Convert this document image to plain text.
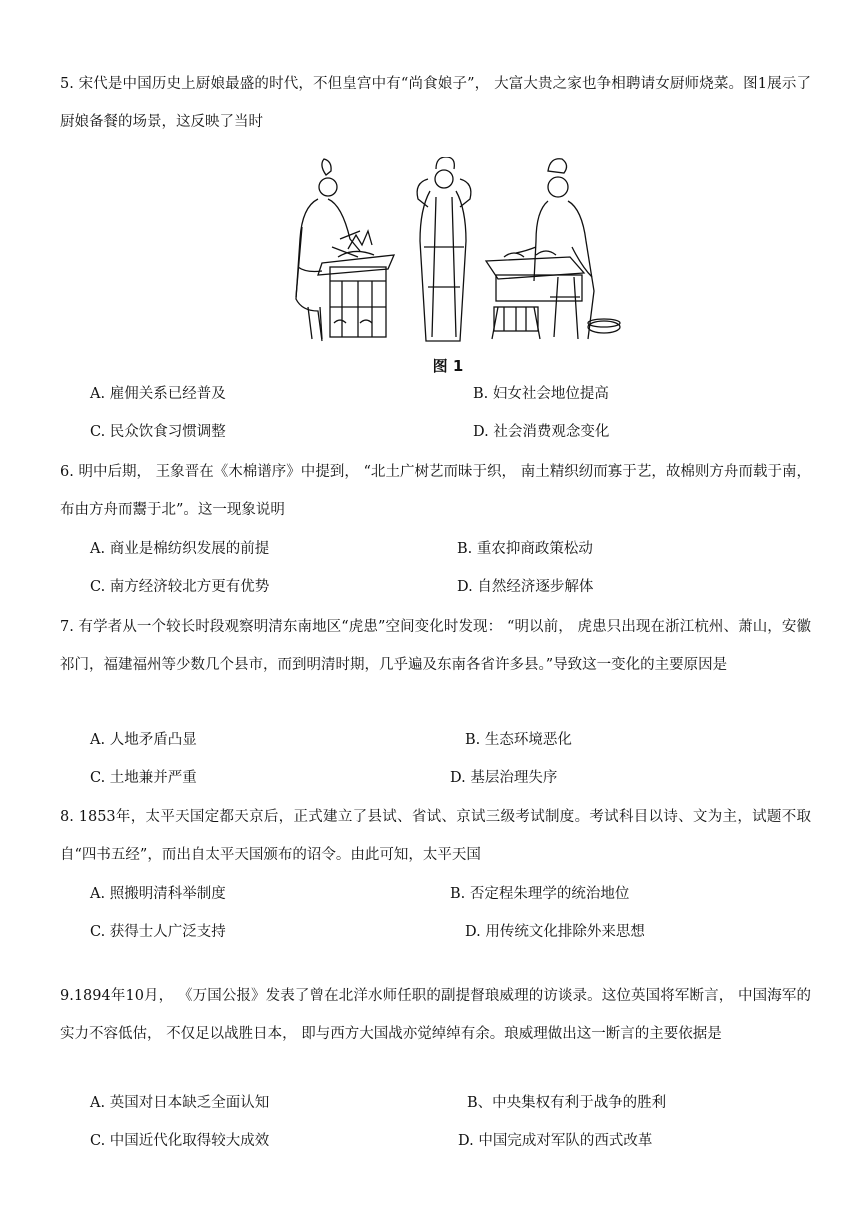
5. 宋代是中国历史上厨娘最盛的时代，不但皇宫中有“尚食娘子”， 大富大贵之家也争相聘请女厨师烧菜。图1展示了厨娘备餐的场景，这反映了当时
图 1
A. 雇佣关系已经普及	B. 妇女社会地位提高
C. 民众饮食习惯调整	D. 社会消费观念变化
6. 明中后期， 王象晋在《木棉谱序》中提到， “北土广树艺而昧于织， 南土精织纫而寡于艺，故棉则方舟而载于南，布由方舟而鬻于北”。这一现象说明
A. 商业是棉纺织发展的前提	B. 重农抑商政策松动
C. 南方经济较北方更有优势	D. 自然经济逐步解体
7. 有学者从一个较长时段观察明清东南地区“虎患”空间变化时发现： “明以前， 虎患只出现在浙江杭州、萧山，安徽祁门，福建福州等少数几个县市，而到明清时期，几乎遍及东南各省许多县。”导致这一变化的主要原因是
A. 人地矛盾凸显	B. 生态环境恶化
C. 土地兼并严重	D. 基层治理失序
8. 1853年，太平天国定都天京后，正式建立了县试、省试、京试三级考试制度。考试科目以诗、文为主，试题不取自“四书五经”，而出自太平天国颁布的诏令。由此可知，太平天国
A. 照搬明清科举制度	B. 否定程朱理学的统治地位
C. 获得士人广泛支持	D. 用传统文化排除外来思想
9.1894年10月， 《万国公报》发表了曾在北洋水师任职的副提督琅威理的访谈录。这位英国将军断言， 中国海军的实力不容低估， 不仅足以战胜日本， 即与西方大国战亦觉绰绰有余。琅威理做出这一断言的主要依据是
A. 英国对日本缺乏全面认知	B、中央集权有利于战争的胜利
C. 中国近代化取得较大成效	D. 中国完成对军队的西式改革
